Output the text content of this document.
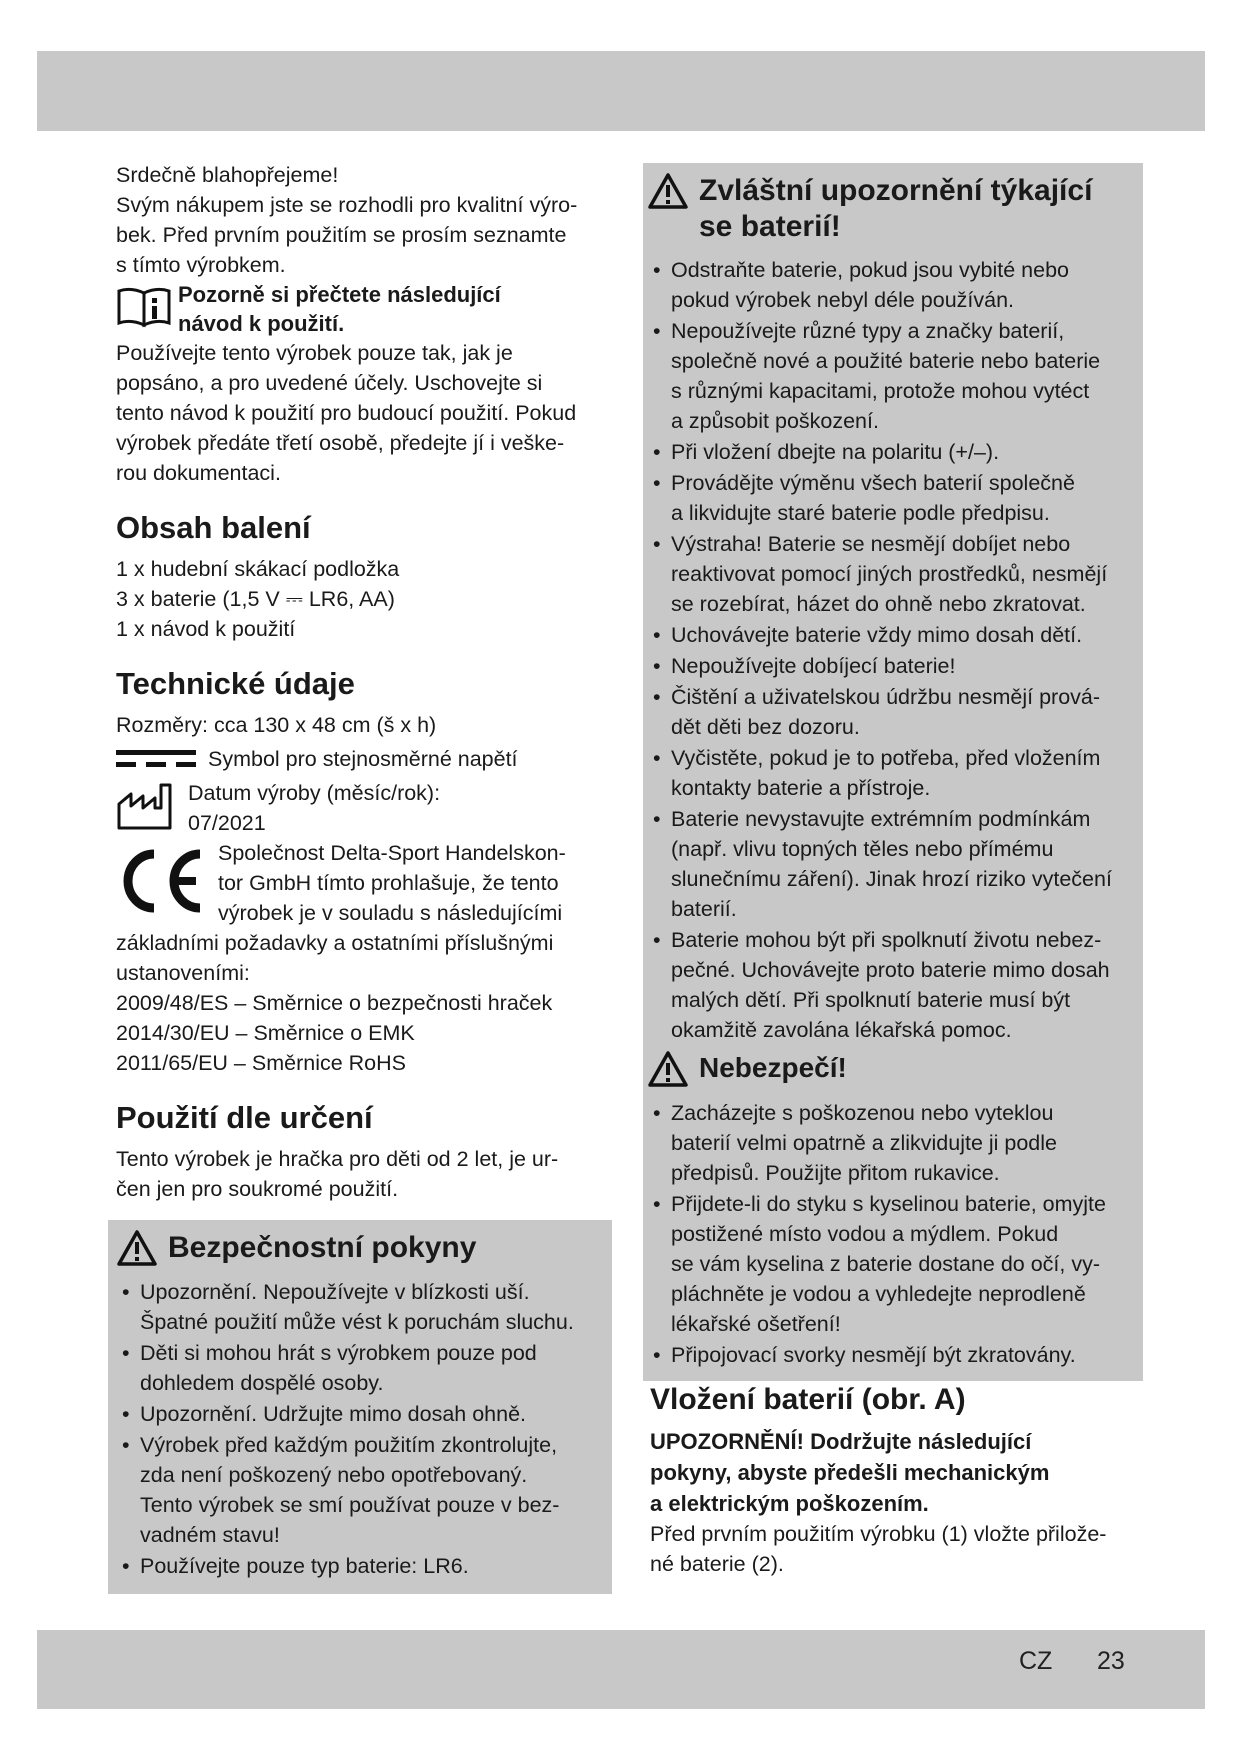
Srdečně blahopřejeme!

Svým nákupem jste se rozhodli pro kvalitní výro-

bek. Před prvním použitím se prosím seznamte

s tímto výrobkem.

Pozorně si přečtete následující

návod k použití.

Používejte tento výrobek pouze tak, jak je

popsáno, a pro uvedené účely. Uschovejte si

tento návod k použití pro budoucí použití. Pokud

výrobek předáte třetí osobě, předejte jí i veške-

rou dokumentaci.

Obsah balení

1 x hudební skákací podložka

3 x baterie (1,5 V ⎓ LR6, AA)

1 x návod k použití

Technické údaje

Rozměry: cca 130 x 48 cm (š x h)

Symbol pro stejnosměrné napětí

Datum výroby (měsíc/rok):

07/2021

Společnost Delta-Sport Handelskon-

tor GmbH tímto prohlašuje, že tento

výrobek je v souladu s následujícími

základními požadavky a ostatními příslušnými

ustanoveními:

2009/48/ES – Směrnice o bezpečnosti hraček

2014/30/EU – Směrnice o EMK

2011/65/EU – Směrnice RoHS

Použití dle určení

Tento výrobek je hračka pro děti od 2 let, je ur-

čen jen pro soukromé použití.

Bezpečnostní pokyny
• Upozornění. Nepoužívejte v blízkosti uší.
Špatné použití může vést k poruchám sluchu.
• Děti si mohou hrát s výrobkem pouze pod
dohledem dospělé osoby.
• Upozornění. Udržujte mimo dosah ohně.
• Výrobek před každým použitím zkontrolujte,
zda není poškozený nebo opotřebovaný.
Tento výrobek se smí používat pouze v bez-
vadném stavu!
• Používejte pouze typ baterie: LR6.
Zvláštní upozornění týkající
se baterií!
• Odstraňte baterie, pokud jsou vybité nebo
pokud výrobek nebyl déle používán.
• Nepoužívejte různé typy a značky baterií,
společně nové a použité baterie nebo baterie
s různými kapacitami, protože mohou vytéct
a způsobit poškození.
• Při vložení dbejte na polaritu (+/–).
• Provádějte výměnu všech baterií společně
a likvidujte staré baterie podle předpisu.
• Výstraha! Baterie se nesmějí dobíjet nebo
reaktivovat pomocí jiných prostředků, nesmějí
se rozebírat, házet do ohně nebo zkratovat.
• Uchovávejte baterie vždy mimo dosah dětí.
• Nepoužívejte dobíjecí baterie!
• Čištění a uživatelskou údržbu nesmějí prová-
dět děti bez dozoru.
• Vyčistěte, pokud je to potřeba, před vložením
kontakty baterie a přístroje.
• Baterie nevystavujte extrémním podmínkám
(např. vlivu topných těles nebo přímému
slunečnímu záření). Jinak hrozí riziko vytečení
baterií.
• Baterie mohou být při spolknutí životu nebez-
pečné. Uchovávejte proto baterie mimo dosah
malých dětí. Při spolknutí baterie musí být
okamžitě zavolána lékařská pomoc.
Nebezpečí!
• Zacházejte s poškozenou nebo vyteklou
baterií velmi opatrně a zlikvidujte ji podle
předpisů. Použijte přitom rukavice.
• Přijdete-li do styku s kyselinou baterie, omyjte
postižené místo vodou a mýdlem. Pokud
se vám kyselina z baterie dostane do očí, vy-
pláchněte je vodou a vyhledejte neprodleně
lékařské ošetření!
• Připojovací svorky nesmějí být zkratovány.
Vložení baterií (obr. A)

UPOZORNĚNÍ! Dodržujte následující

pokyny, abyste předešli mechanickým

a elektrickým poškozením.

Před prvním použitím výrobku (1) vložte přilože-

né baterie (2).

CZ 23
